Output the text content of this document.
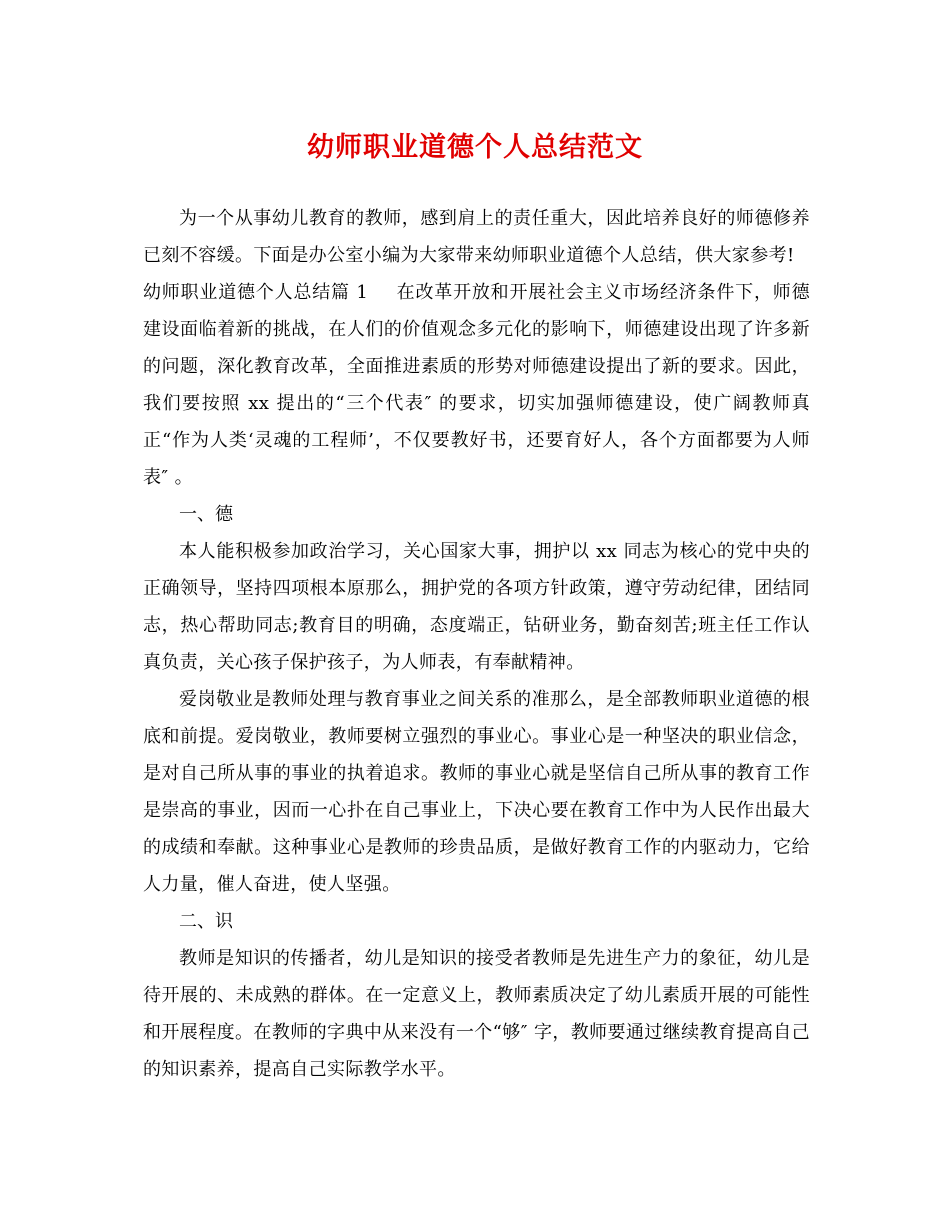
幼师职业道德个人总结范文

为一个从事幼儿教育的教师，感到肩上的责任重大，因此培养良好的师德修养已刻不容缓。下面是办公室小编为大家带来幼师职业道德个人总结，供大家参考!

幼师职业道德个人总结篇 1 在改革开放和开展社会主义市场经济条件下，师德建设面临着新的挑战，在人们的价值观念多元化的影响下，师德建设出现了许多新的问题，深化教育改革，全面推进素质的形势对师德建设提出了新的要求。因此，我们要按照 xx 提出的“三个代表″ 的要求，切实加强师德建设，使广阔教师真正“作为人类‘灵魂的工程师’，不仅要教好书，还要育好人，各个方面都要为人师表″ 。

一、德

本人能积极参加政治学习，关心国家大事，拥护以 xx 同志为核心的党中央的正确领导，坚持四项根本原那么，拥护党的各项方针政策，遵守劳动纪律，团结同志，热心帮助同志;教育目的明确，态度端正，钻研业务，勤奋刻苦;班主任工作认真负责，关心孩子保护孩子，为人师表，有奉献精神。

爱岗敬业是教师处理与教育事业之间关系的准那么，是全部教师职业道德的根底和前提。爱岗敬业，教师要树立强烈的事业心。事业心是一种坚决的职业信念，是对自己所从事的事业的执着追求。教师的事业心就是坚信自己所从事的教育工作是崇高的事业，因而一心扑在自己事业上，下决心要在教育工作中为人民作出最大的成绩和奉献。这种事业心是教师的珍贵品质，是做好教育工作的内驱动力，它给人力量，催人奋进，使人坚强。

二、识

教师是知识的传播者，幼儿是知识的接受者教师是先进生产力的象征，幼儿是待开展的、未成熟的群体。在一定意义上，教师素质决定了幼儿素质开展的可能性和开展程度。在教师的字典中从来没有一个“够″ 字，教师要通过继续教育提高自己的知识素养，提高自己实际教学水平。
